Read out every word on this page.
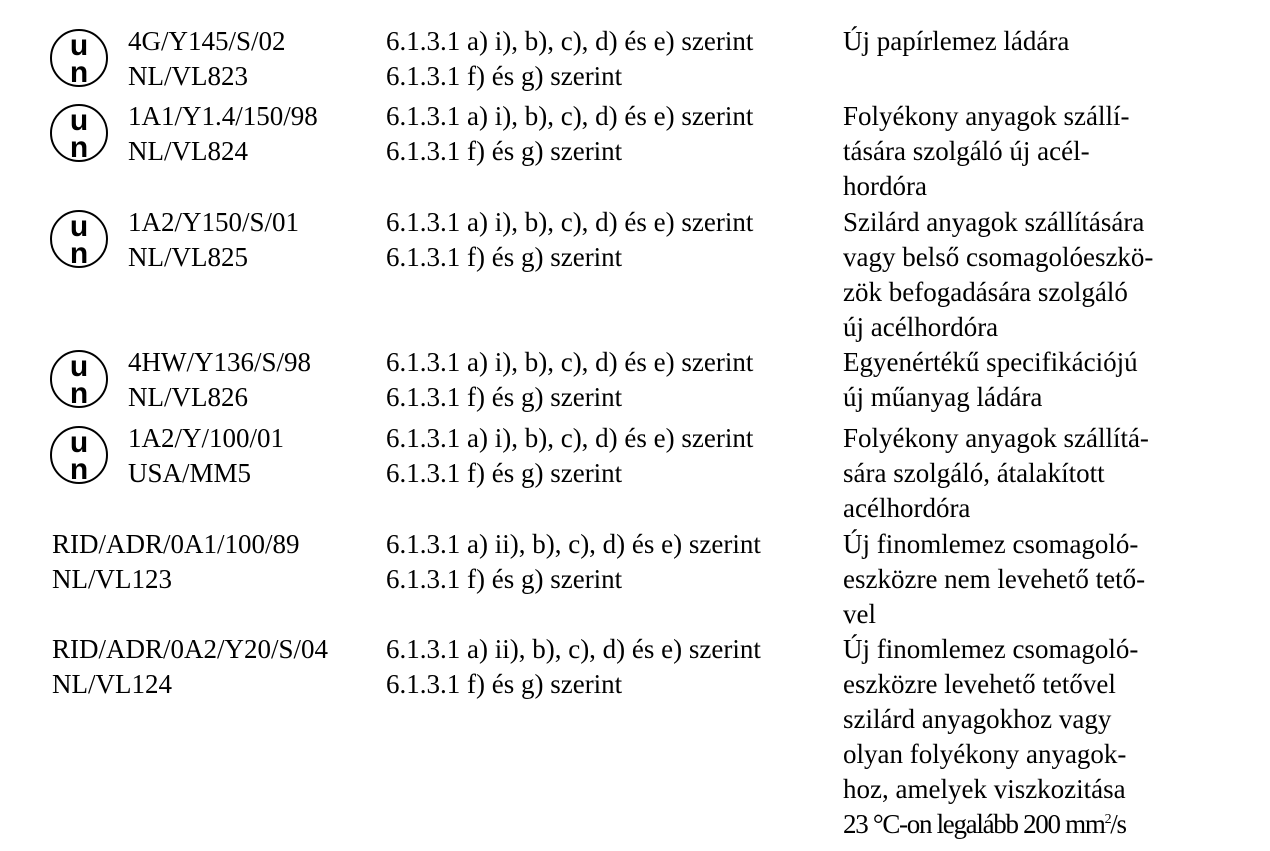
u
n
4G/Y145/S/02
NL/VL823
6.1.3.1 a) i), b), c), d) és e) szerint
6.1.3.1 f) és g) szerint
Új papírlemez ládára
u
n
1A1/Y1.4/150/98
NL/VL824
6.1.3.1 a) i), b), c), d) és e) szerint
6.1.3.1 f) és g) szerint
Folyékony anyagok szállí-
tására szolgáló új acél-
hordóra
u
n
1A2/Y150/S/01
NL/VL825
6.1.3.1 a) i), b), c), d) és e) szerint
6.1.3.1 f) és g) szerint
Szilárd anyagok szállítására
vagy belső csomagolóeszkö-
zök befogadására szolgáló
új acélhordóra
u
n
4HW/Y136/S/98
NL/VL826
6.1.3.1 a) i), b), c), d) és e) szerint
6.1.3.1 f) és g) szerint
Egyenértékű specifikációjú
új műanyag ládára
u
n
1A2/Y/100/01
USA/MM5
6.1.3.1 a) i), b), c), d) és e) szerint
6.1.3.1 f) és g) szerint
Folyékony anyagok szállítá-
sára szolgáló, átalakított
acélhordóra
RID/ADR/0A1/100/89
NL/VL123
6.1.3.1 a) ii), b), c), d) és e) szerint
6.1.3.1 f) és g) szerint
Új finomlemez csomagoló-
eszközre nem levehető tető-
vel
RID/ADR/0A2/Y20/S/04
NL/VL124
6.1.3.1 a) ii), b), c), d) és e) szerint
6.1.3.1 f) és g) szerint
Új finomlemez csomagoló-
eszközre levehető tetővel
szilárd anyagokhoz vagy
olyan folyékony anyagok-
hoz, amelyek viszkozitása
23 °C-on legalább 200 $mm^2/s$
